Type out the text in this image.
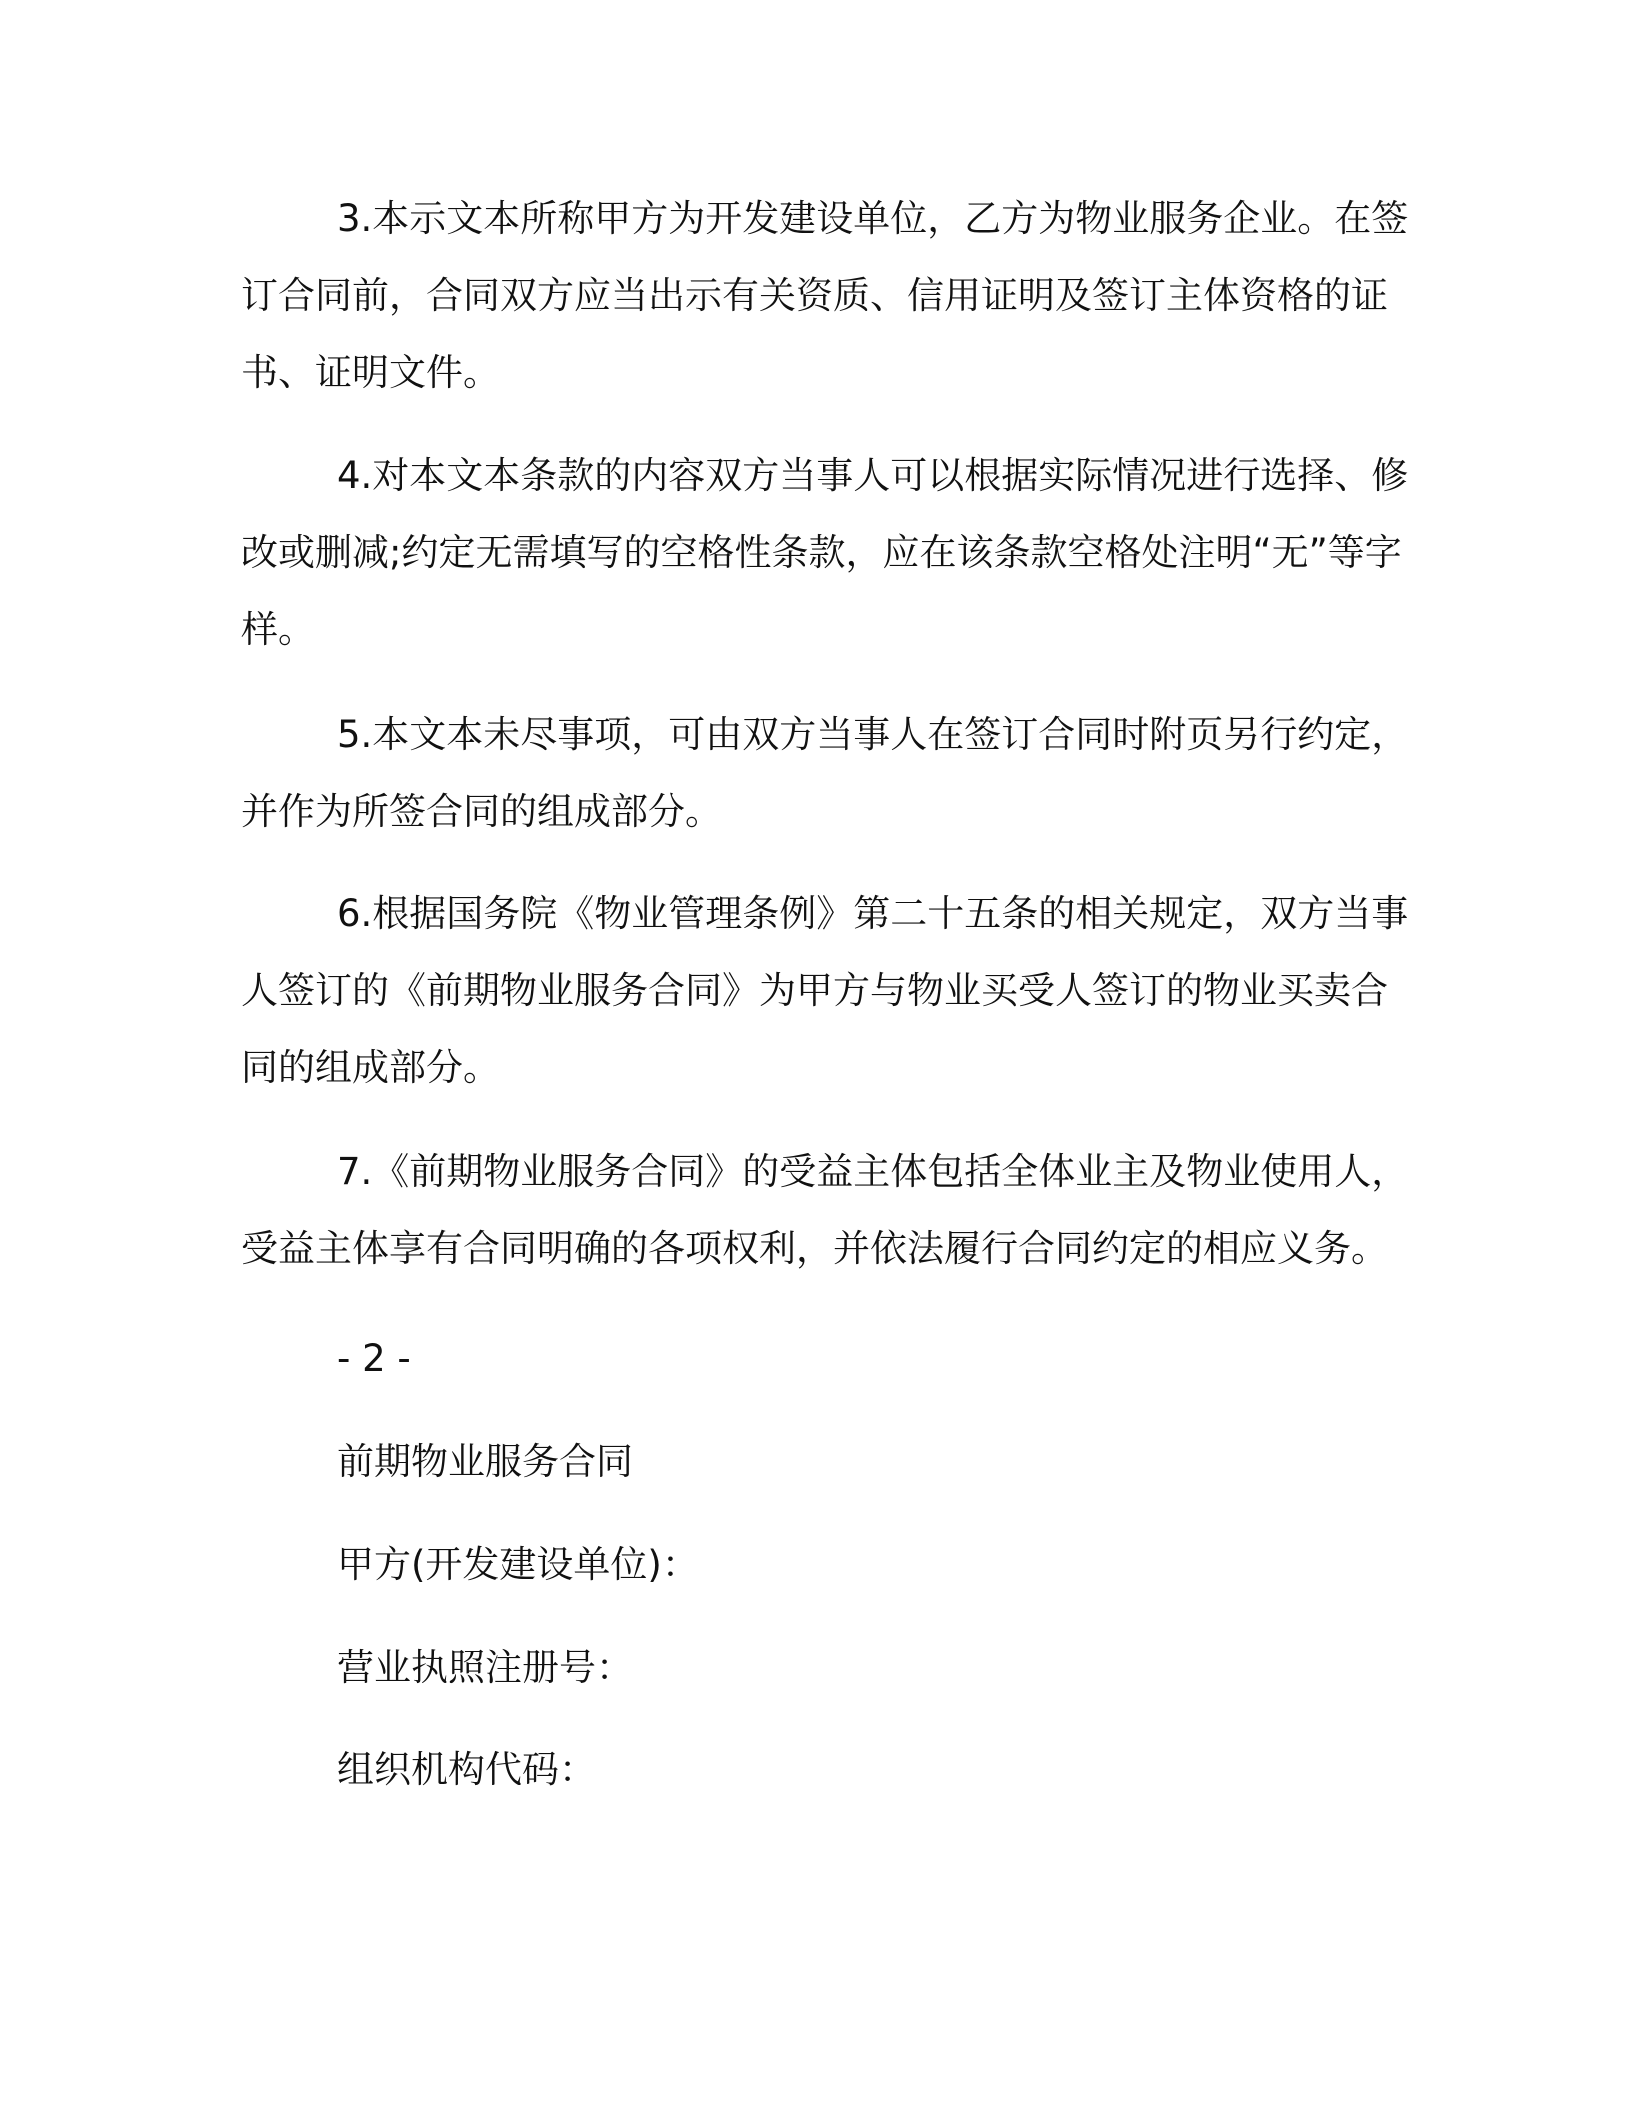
3.本示文本所称甲方为开发建设单位，乙方为物业服务企业。在签订合同前，合同双方应当出示有关资质、信用证明及签订主体资格的证书、证明文件。

4.对本文本条款的内容双方当事人可以根据实际情况进行选择、修改或删减;约定无需填写的空格性条款，应在该条款空格处注明“无”等字样。

5.本文本未尽事项，可由双方当事人在签订合同时附页另行约定，并作为所签合同的组成部分。

6.根据国务院《物业管理条例》第二十五条的相关规定，双方当事人签订的《前期物业服务合同》为甲方与物业买受人签订的物业买卖合同的组成部分。

7.《前期物业服务合同》的受益主体包括全体业主及物业使用人，受益主体享有合同明确的各项权利，并依法履行合同约定的相应义务。

- 2 -
前期物业服务合同
甲方(开发建设单位)：
营业执照注册号：
组织机构代码：
